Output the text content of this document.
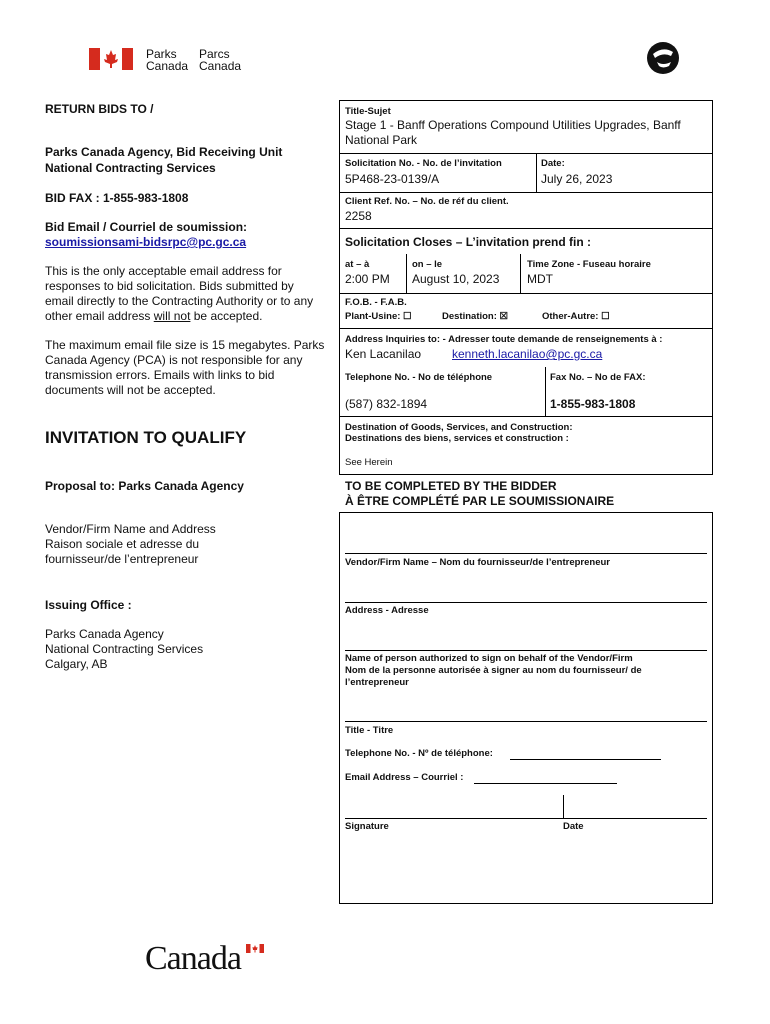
Parks
Canada
Parcs
Canada
RETURN BIDS TO /
Parks Canada Agency, Bid Receiving Unit
National Contracting Services
BID FAX : 1-855-983-1808
Bid Email / Courriel de soumission:
soumissionsami-bidsrpc@pc.gc.ca
This is the only acceptable email address for
responses to bid solicitation. Bids submitted by
email directly to the Contracting Authority or to any
other email address will not be accepted.
The maximum email file size is 15 megabytes. Parks
Canada Agency (PCA) is not responsible for any
transmission errors. Emails with links to bid
documents will not be accepted.
INVITATION TO QUALIFY
Proposal to: Parks Canada Agency
Vendor/Firm Name and Address
Raison sociale et adresse du
fournisseur/de l’entrepreneur
Issuing Office :
Parks Canada Agency
National Contracting Services
Calgary, AB
Title-Sujet
Stage 1 - Banff Operations Compound Utilities Upgrades, Banff
National Park
Solicitation No. - No. de l’invitation
5P468-23-0139/A
Date:
July 26, 2023
Client Ref. No. – No. de réf du client.
2258
Solicitation Closes – L’invitation prend fin :
at – à
2:00 PM
on – le
August 10, 2023
Time Zone - Fuseau horaire
MDT
F.O.B. - F.A.B.
Plant-Usine: ☐	Destination: ☒	Other-Autre: ☐
Address Inquiries to: - Adresser toute demande de renseignements à :
Ken Lacanilao	kenneth.lacanilao@pc.gc.ca
Telephone No. - No de téléphone	Fax No. – No de FAX:
(587) 832-1894	1-855-983-1808
Destination of Goods, Services, and Construction:
Destinations des biens, services et construction :
See Herein
TO BE COMPLETED BY THE BIDDER
À ÊTRE COMPLÉTÉ PAR LE SOUMISSIONAIRE
Vendor/Firm Name – Nom du fournisseur/de l’entrepreneur
Address - Adresse
Name of person authorized to sign on behalf of the Vendor/Firm
Nom de la personne autorisée à signer au nom du fournisseur/ de
l’entrepreneur
Title - Titre
Telephone No. - Nº de téléphone:
Email Address – Courriel :
Signature	Date
Canada
